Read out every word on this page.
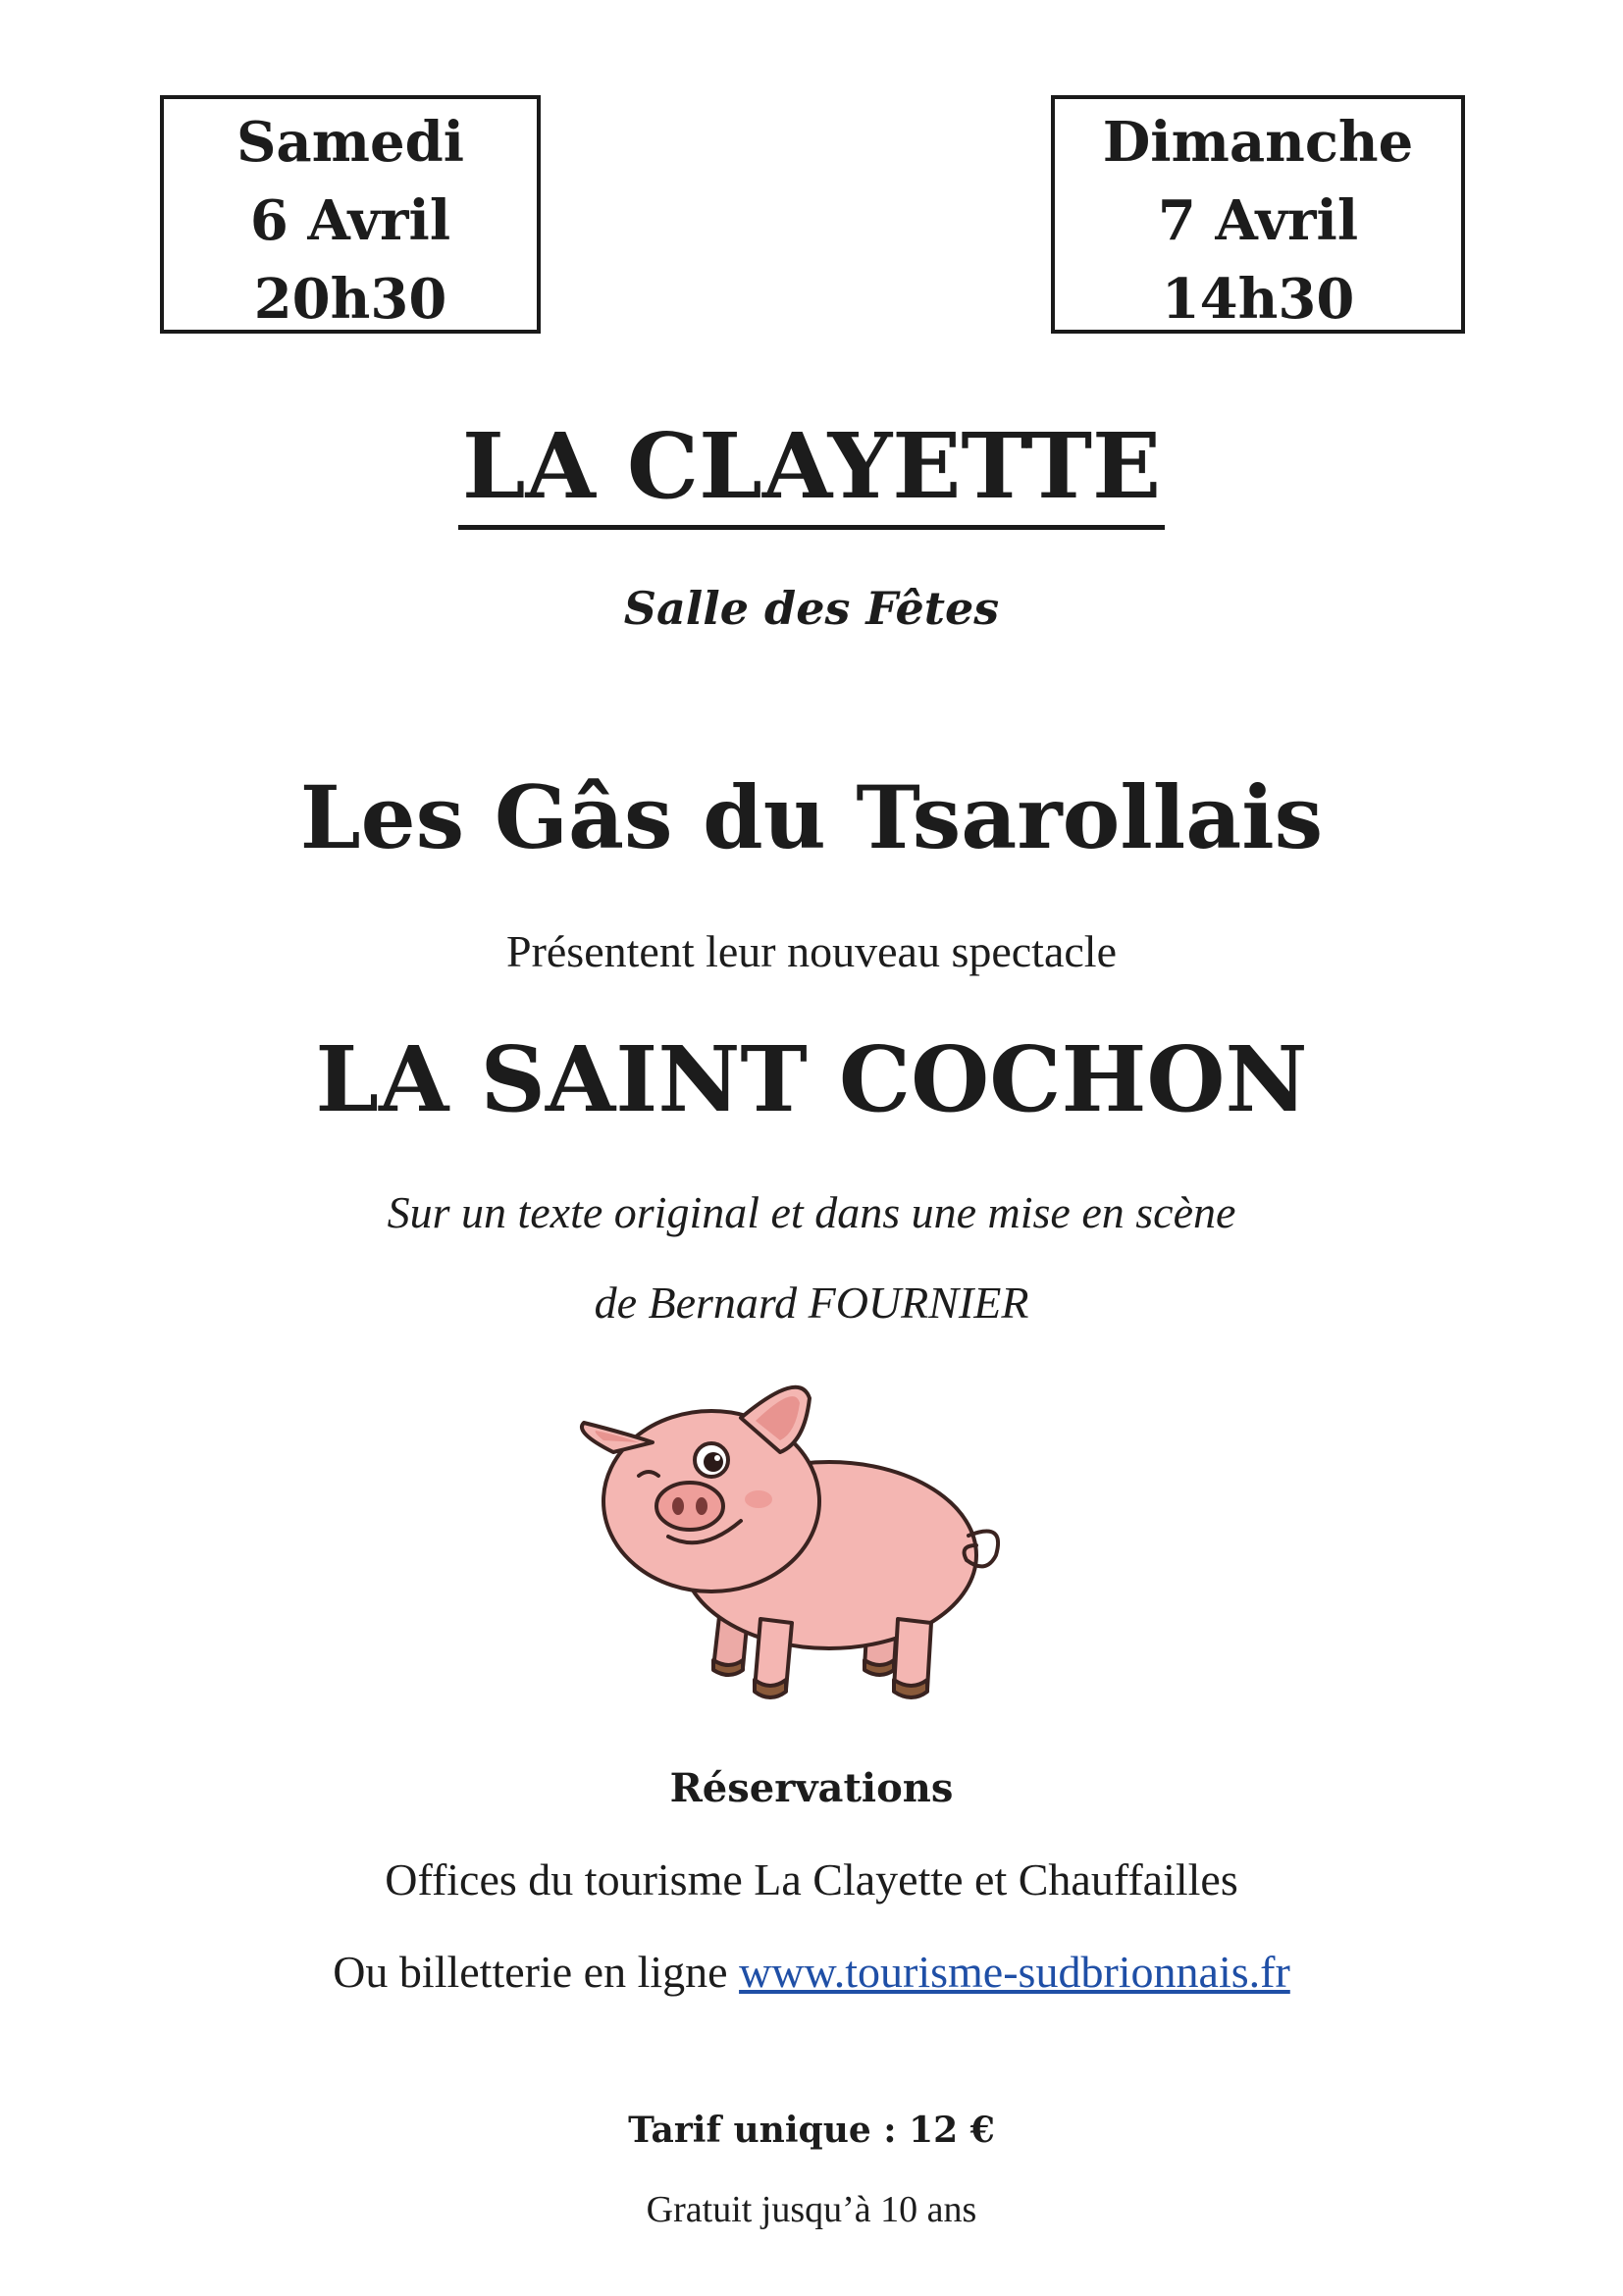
Samedi
6 Avril
20h30
Dimanche
7 Avril
14h30
LA CLAYETTE
Salle des Fêtes
Les Gâs du Tsarollais
Présentent leur nouveau spectacle
LA SAINT COCHON
Sur un texte original et dans une mise en scène
de Bernard FOURNIER
Réservations
Offices du tourisme La Clayette et Chauffailles
Ou billetterie en ligne www.tourisme-sudbrionnais.fr
Tarif unique : 12 €
Gratuit jusqu’à 10 ans
